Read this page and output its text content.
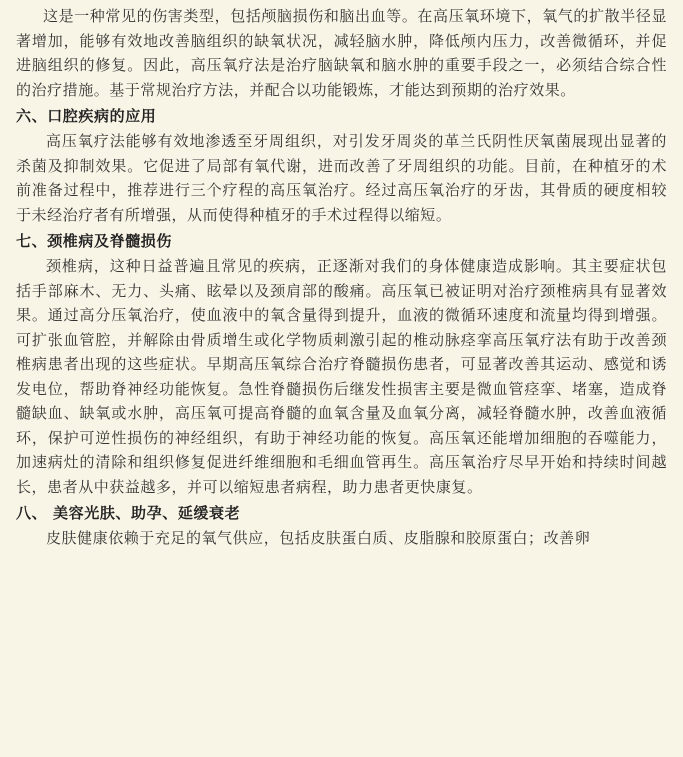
这是一种常见的伤害类型，包括颅脑损伤和脑出血等。在高压氧环境下，氧气的扩散半径显著增加，能够有效地改善脑组织的缺氧状况，减轻脑水肿，降低颅内压力，改善微循环，并促进脑组织的修复。因此，高压氧疗法是治疗脑缺氧和脑水肿的重要手段之一，必须结合综合性的治疗措施。基于常规治疗方法，并配合以功能锻炼，才能达到预期的治疗效果。

六、口腔疾病的应用

高压氧疗法能够有效地渗透至牙周组织，对引发牙周炎的革兰氏阴性厌氧菌展现出显著的杀菌及抑制效果。它促进了局部有氧代谢，进而改善了牙周组织的功能。目前，在种植牙的术前准备过程中，推荐进行三个疗程的高压氧治疗。经过高压氧治疗的牙齿，其骨质的硬度相较于未经治疗者有所增强，从而使得种植牙的手术过程得以缩短。

七、颈椎病及脊髓损伤

颈椎病，这种日益普遍且常见的疾病，正逐渐对我们的身体健康造成影响。其主要症状包括手部麻木、无力、头痛、眩晕以及颈肩部的酸痛。高压氧已被证明对治疗颈椎病具有显著效果。通过高分压氧治疗，使血液中的氧含量得到提升，血液的微循环速度和流量均得到增强。可扩张血管腔，并解除由骨质增生或化学物质刺激引起的椎动脉痉挛高压氧疗法有助于改善颈椎病患者出现的这些症状。早期高压氧综合治疗脊髓损伤患者，可显著改善其运动、感觉和诱发电位，帮助脊神经功能恢复。急性脊髓损伤后继发性损害主要是微血管痉挛、堵塞，造成脊髓缺血、缺氧或水肿，高压氧可提高脊髓的血氧含量及血氧分离，减轻脊髓水肿，改善血液循环，保护可逆性损伤的神经组织，有助于神经功能的恢复。高压氧还能增加细胞的吞噬能力，加速病灶的清除和组织修复促进纤维细胞和毛细血管再生。高压氧治疗尽早开始和持续时间越长，患者从中获益越多，并可以缩短患者病程，助力患者更快康复。

八、 美容光肤、助孕、延缓衰老

皮肤健康依赖于充足的氧气供应，包括皮肤蛋白质、皮脂腺和胶原蛋白；改善卵
